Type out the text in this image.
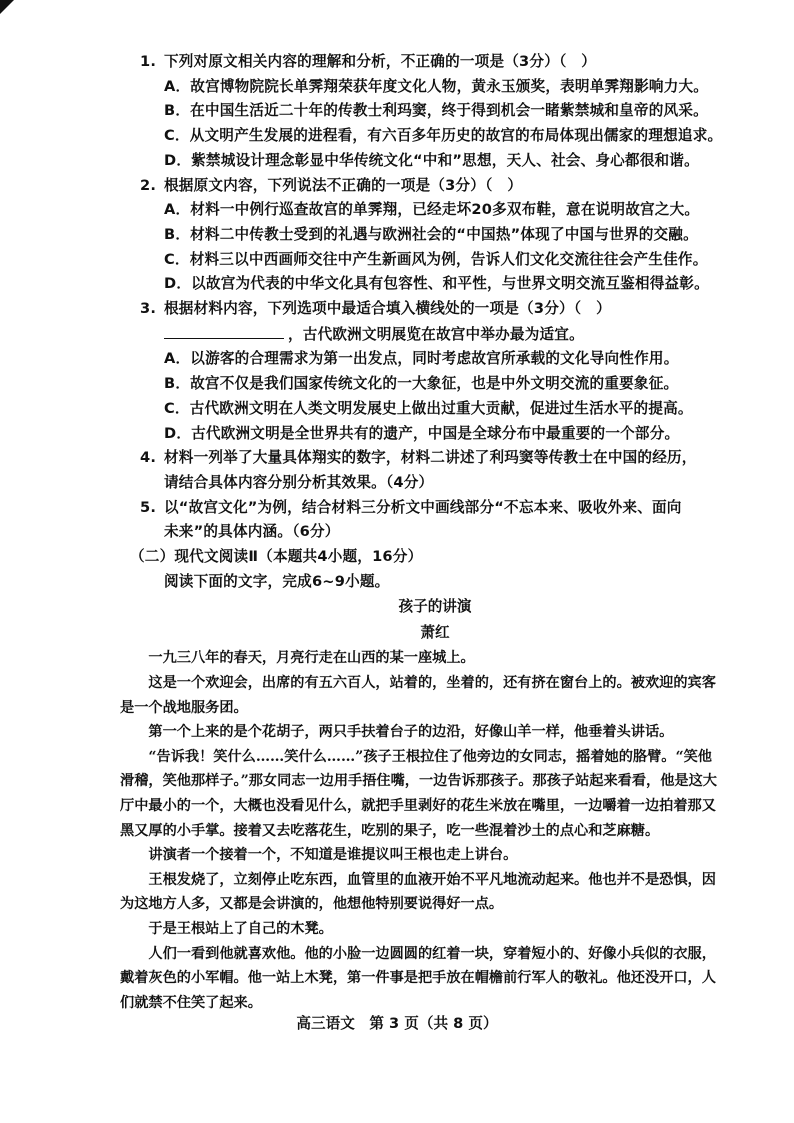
1. 下列对原文相关内容的理解和分析，不正确的一项是（3分）（　）
A．故宫博物院院长单霁翔荣获年度文化人物，黄永玉颁奖，表明单霁翔影响力大。
B．在中国生活近二十年的传教士利玛窦，终于得到机会一睹紫禁城和皇帝的风采。
C．从文明产生发展的进程看，有六百多年历史的故宫的布局体现出儒家的理想追求。
D．紫禁城设计理念彰显中华传统文化“中和”思想，天人、社会、身心都很和谐。
2. 根据原文内容，下列说法不正确的一项是（3分）（　）
A．材料一中例行巡查故宫的单霁翔，已经走坏20多双布鞋，意在说明故宫之大。
B．材料二中传教士受到的礼遇与欧洲社会的“中国热”体现了中国与世界的交融。
C．材料三以中西画师交往中产生新画风为例，告诉人们文化交流往往会产生佳作。
D．以故宫为代表的中华文化具有包容性、和平性，与世界文明交流互鉴相得益彰。
3. 根据材料内容，下列选项中最适合填入横线处的一项是（3分）（　）
，古代欧洲文明展览在故宫中举办最为适宜。
A．以游客的合理需求为第一出发点，同时考虑故宫所承载的文化导向性作用。
B．故宫不仅是我们国家传统文化的一大象征，也是中外文明交流的重要象征。
C．古代欧洲文明在人类文明发展史上做出过重大贡献，促进过生活水平的提高。
D．古代欧洲文明是全世界共有的遗产，中国是全球分布中最重要的一个部分。
4. 材料一列举了大量具体翔实的数字，材料二讲述了利玛窦等传教士在中国的经历，
请结合具体内容分别分析其效果。（4分）
5. 以“故宫文化”为例，结合材料三分析文中画线部分“不忘本来、吸收外来、面向
未来”的具体内涵。（6分）
（二）现代文阅读Ⅱ（本题共4小题，16分）
阅读下面的文字，完成6~9小题。
孩子的讲演
萧红

　　一九三八年的春天，月亮行走在山西的某一座城上。

　　这是一个欢迎会，出席的有五六百人，站着的，坐着的，还有挤在窗台上的。被欢迎的宾客是一个战地服务团。

　　第一个上来的是个花胡子，两只手扶着台子的边沿，好像山羊一样，他垂着头讲话。

　　“告诉我！笑什么……笑什么……”孩子王根拉住了他旁边的女同志，摇着她的胳臂。“笑他滑稽，笑他那样子。”那女同志一边用手捂住嘴，一边告诉那孩子。那孩子站起来看看，他是这大厅中最小的一个，大概也没看见什么，就把手里剥好的花生米放在嘴里，一边嚼着一边拍着那又黑又厚的小手掌。接着又去吃落花生，吃别的果子，吃一些混着沙土的点心和芝麻糖。

　　讲演者一个接着一个，不知道是谁提议叫王根也走上讲台。

　　王根发烧了，立刻停止吃东西，血管里的血液开始不平凡地流动起来。他也并不是恐惧，因为这地方人多，又都是会讲演的，他想他特别要说得好一点。

　　于是王根站上了自己的木凳。

　　人们一看到他就喜欢他。他的小脸一边圆圆的红着一块，穿着短小的、好像小兵似的衣服，戴着灰色的小军帽。他一站上木凳，第一件事是把手放在帽檐前行军人的敬礼。他还没开口，人们就禁不住笑了起来。

高三语文　第 3 页（共 8 页）
